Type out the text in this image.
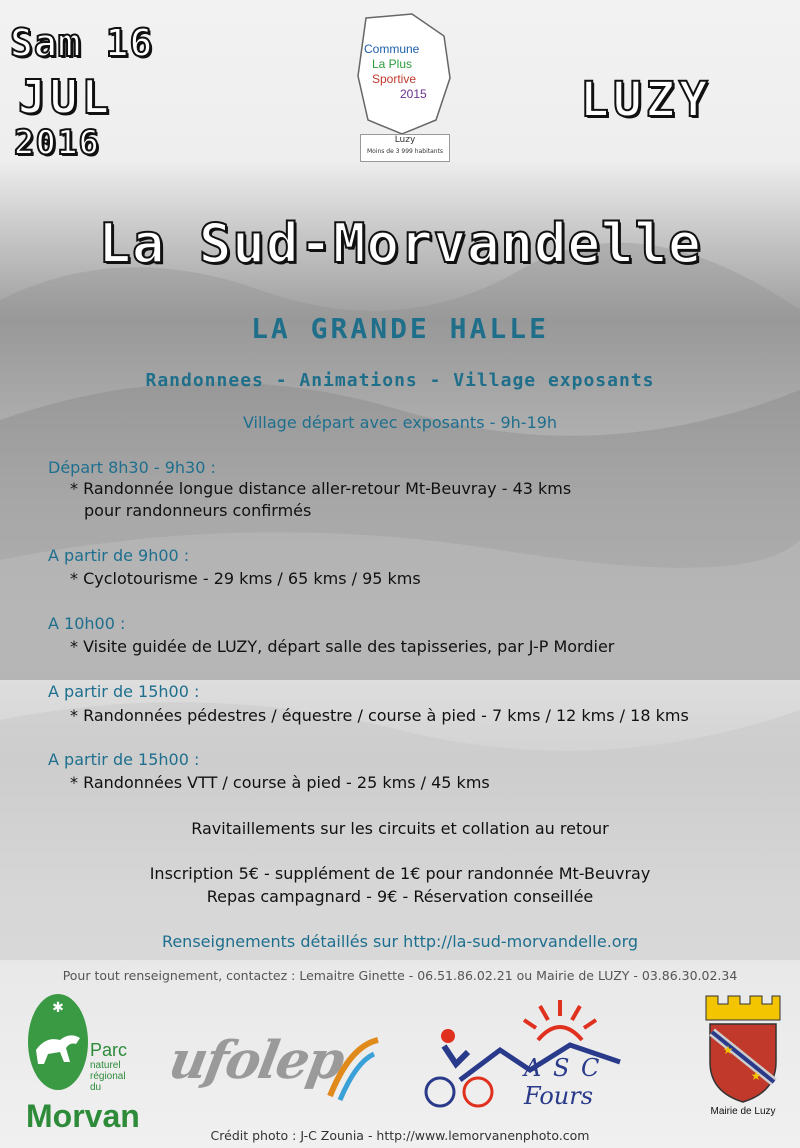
Sam 16
JUL
2016
LUZY
Commune
La Plus
Sportive
2015
Luzy
Moins de 3 999 habitants
La Sud-Morvandelle
LA GRANDE HALLE
Randonnees - Animations - Village exposants
Village départ avec exposants - 9h-19h
Départ 8h30 - 9h30 :
* Randonnée longue distance aller-retour Mt-Beuvray - 43 kms
pour randonneurs confirmés
A partir de 9h00 :
* Cyclotourisme - 29 kms / 65 kms / 95 kms
A 10h00 :
* Visite guidée de LUZY, départ salle des tapisseries, par J-P Mordier
A partir de 15h00 :
* Randonnées pédestres / équestre / course à pied - 7 kms / 12 kms / 18 kms
A partir de 15h00 :
* Randonnées VTT / course à pied - 25 kms / 45 kms
Ravitaillements sur les circuits et collation au retour
Inscription 5€ - supplément de 1€ pour randonnée Mt-Beuvray
Repas campagnard - 9€ - Réservation conseillée
Renseignements détaillés sur http://la-sud-morvandelle.org
Pour tout renseignement, contactez : Lemaitre Ginette - 06.51.86.02.21 ou Mairie de LUZY - 03.86.30.02.34
✱
Parc
naturel
régional
du
Morvan
ufolep	A S C
Fours
★
★
Mairie de Luzy
Crédit photo : J-C Zounia - http://www.lemorvanenphoto.com
